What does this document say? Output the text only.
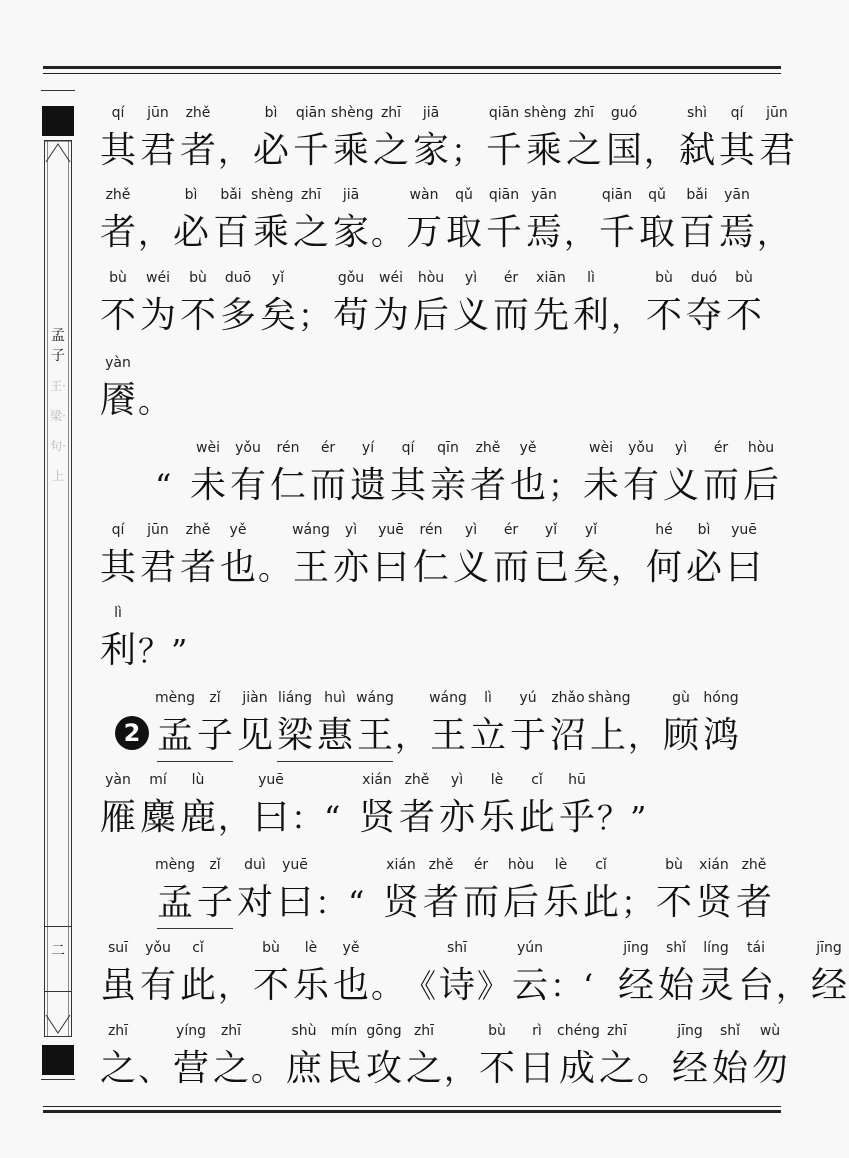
孟子
王·梁·句·上
二
qí
其
jūn
君
zhě
者 ，
bì
必
qiān
千
shèng
乘
zhī
之
jiā
家 ；
qiān
千
shèng
乘
zhī
之
guó
国 ，
shì
弑
qí
其
jūn
君
zhě
者 ，
bì
必
bǎi
百
shèng
乘
zhī
之
jiā
家 。
wàn
万
qǔ
取
qiān
千
yān
焉 ，
qiān
千
qǔ
取
bǎi
百
yān
焉 ，
bù
不
wéi
为
bù
不
duō
多
yǐ
矣 ；
gǒu
苟
wéi
为
hòu
后
yì
义
ér
而
xiān
先
lì
利 ，
bù
不
duó
夺
bù
不
yàn
餍 。
“
wèi
未
yǒu
有
rén
仁
ér
而
yí
遗
qí
其
qīn
亲
zhě
者
yě
也 ；
wèi
未
yǒu
有
yì
义
ér
而
hòu
后
qí
其
jūn
君
zhě
者
yě
也 。
wáng
王
yì
亦
yuē
曰
rén
仁
yì
义
ér
而
yǐ
已
yǐ
矣 ，
hé
何
bì
必
yuē
曰
lì
利 ？ ”
mèng
孟
zǐ
子
jiàn
见
liáng
梁
huì
惠
wáng
王 ，
wáng
王
lì
立
yú
于
zhǎo
沼
shàng
上 ，
gù
顾
hóng
鸿
yàn
雁
mí
麋
lù
鹿 ，
yuē
曰 ： “
xián
贤
zhě
者
yì
亦
lè
乐
cǐ
此
hū
乎 ？ ”
mèng
孟
zǐ
子
duì
对
yuē
曰 ： “
xián
贤
zhě
者
ér
而
hòu
后
lè
乐
cǐ
此 ；
bù
不
xián
贤
zhě
者
suī
虽
yǒu
有
cǐ
此 ，
bù
不
lè
乐
yě
也 。 《
shī
诗 》
yún
云 ： ‘
jīng
经
shǐ
始
líng
灵
tái
台 ，
jīng
经
zhī
之 、
yíng
营
zhī
之 。
shù
庶
mín
民
gōng
攻
zhī
之 ，
bù
不
rì
日
chéng
成
zhī
之 。
jīng
经
shǐ
始
wù
勿
2
